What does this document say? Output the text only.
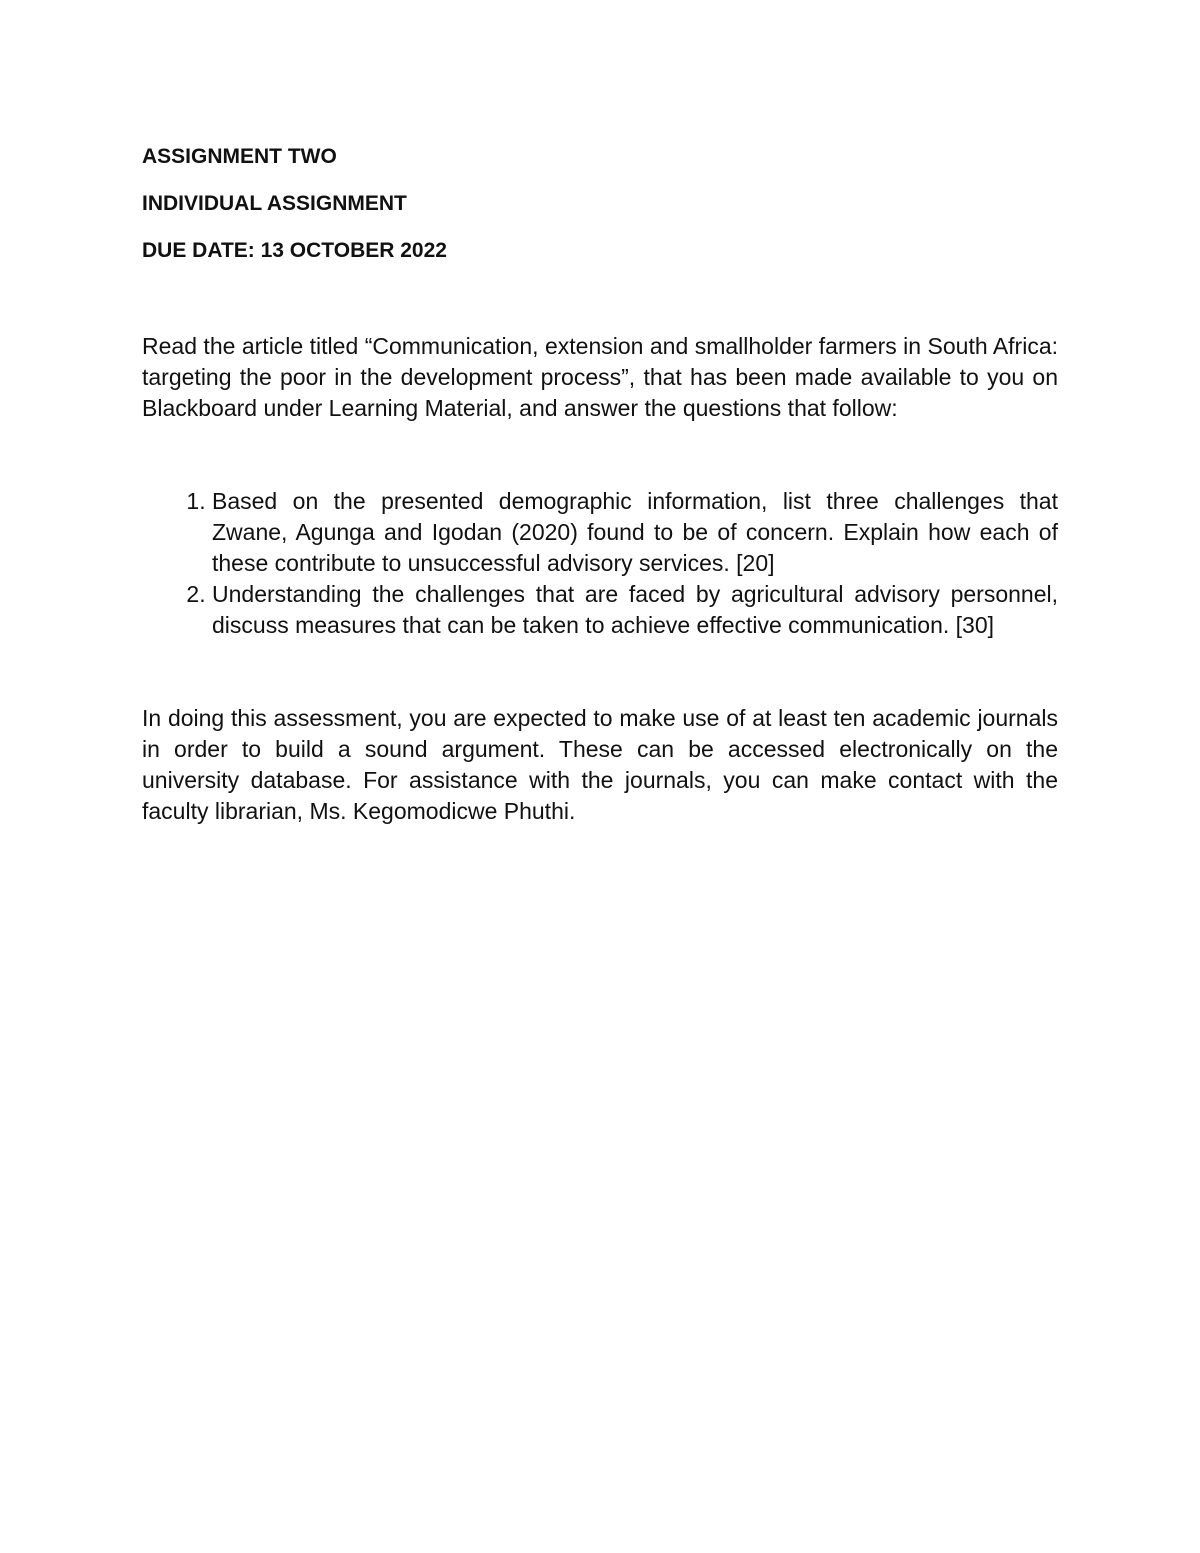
ASSIGNMENT TWO

INDIVIDUAL ASSIGNMENT

DUE DATE: 13 OCTOBER 2022

Read the article titled “Communication, extension and smallholder farmers in South Africa: targeting the poor in the development process”, that has been made available to you on Blackboard under Learning Material, and answer the questions that follow:

1. Based on the presented demographic information, list three challenges that Zwane, Agunga and Igodan (2020) found to be of concern. Explain how each of these contribute to unsuccessful advisory services. [20]
2. Understanding the challenges that are faced by agricultural advisory personnel, discuss measures that can be taken to achieve effective communication. [30]

In doing this assessment, you are expected to make use of at least ten academic journals in order to build a sound argument. These can be accessed electronically on the university database. For assistance with the journals, you can make contact with the faculty librarian, Ms. Kegomodicwe Phuthi.
